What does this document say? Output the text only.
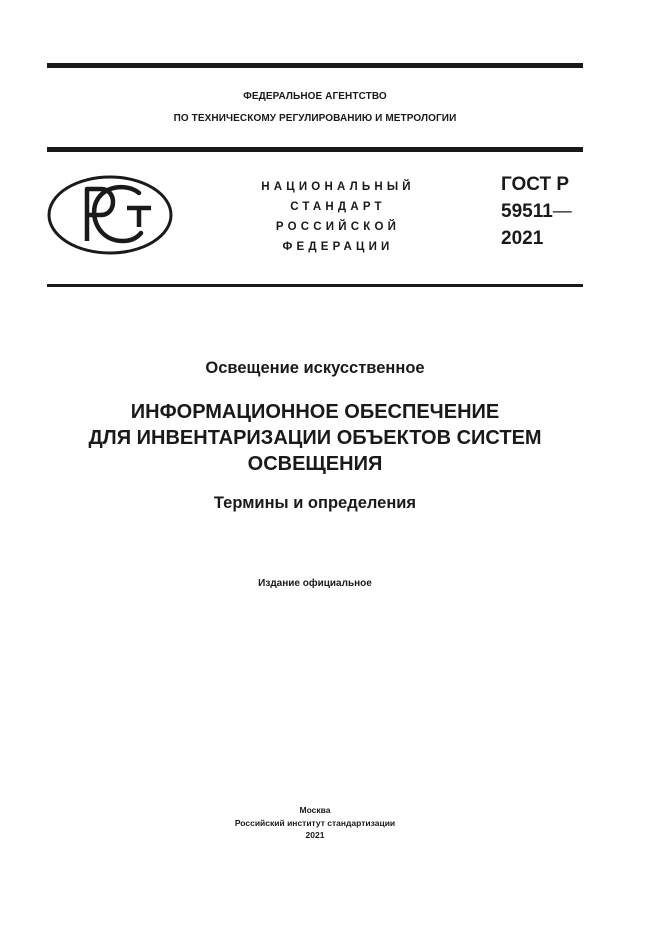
ФЕДЕРАЛЬНОЕ АГЕНТСТВО
ПО ТЕХНИЧЕСКОМУ РЕГУЛИРОВАНИЮ И МЕТРОЛОГИИ
НАЦИОНАЛЬНЫЙ
СТАНДАРТ
РОССИЙСКОЙ
ФЕДЕРАЦИИ
ГОСТ Р
59511—
2021
Освещение искусственное
ИНФОРМАЦИОННОЕ ОБЕСПЕЧЕНИЕ
ДЛЯ ИНВЕНТАРИЗАЦИИ ОБЪЕКТОВ СИСТЕМ
ОСВЕЩЕНИЯ
Термины и определения
Издание официальное
Москва
Российский институт стандартизации
2021
